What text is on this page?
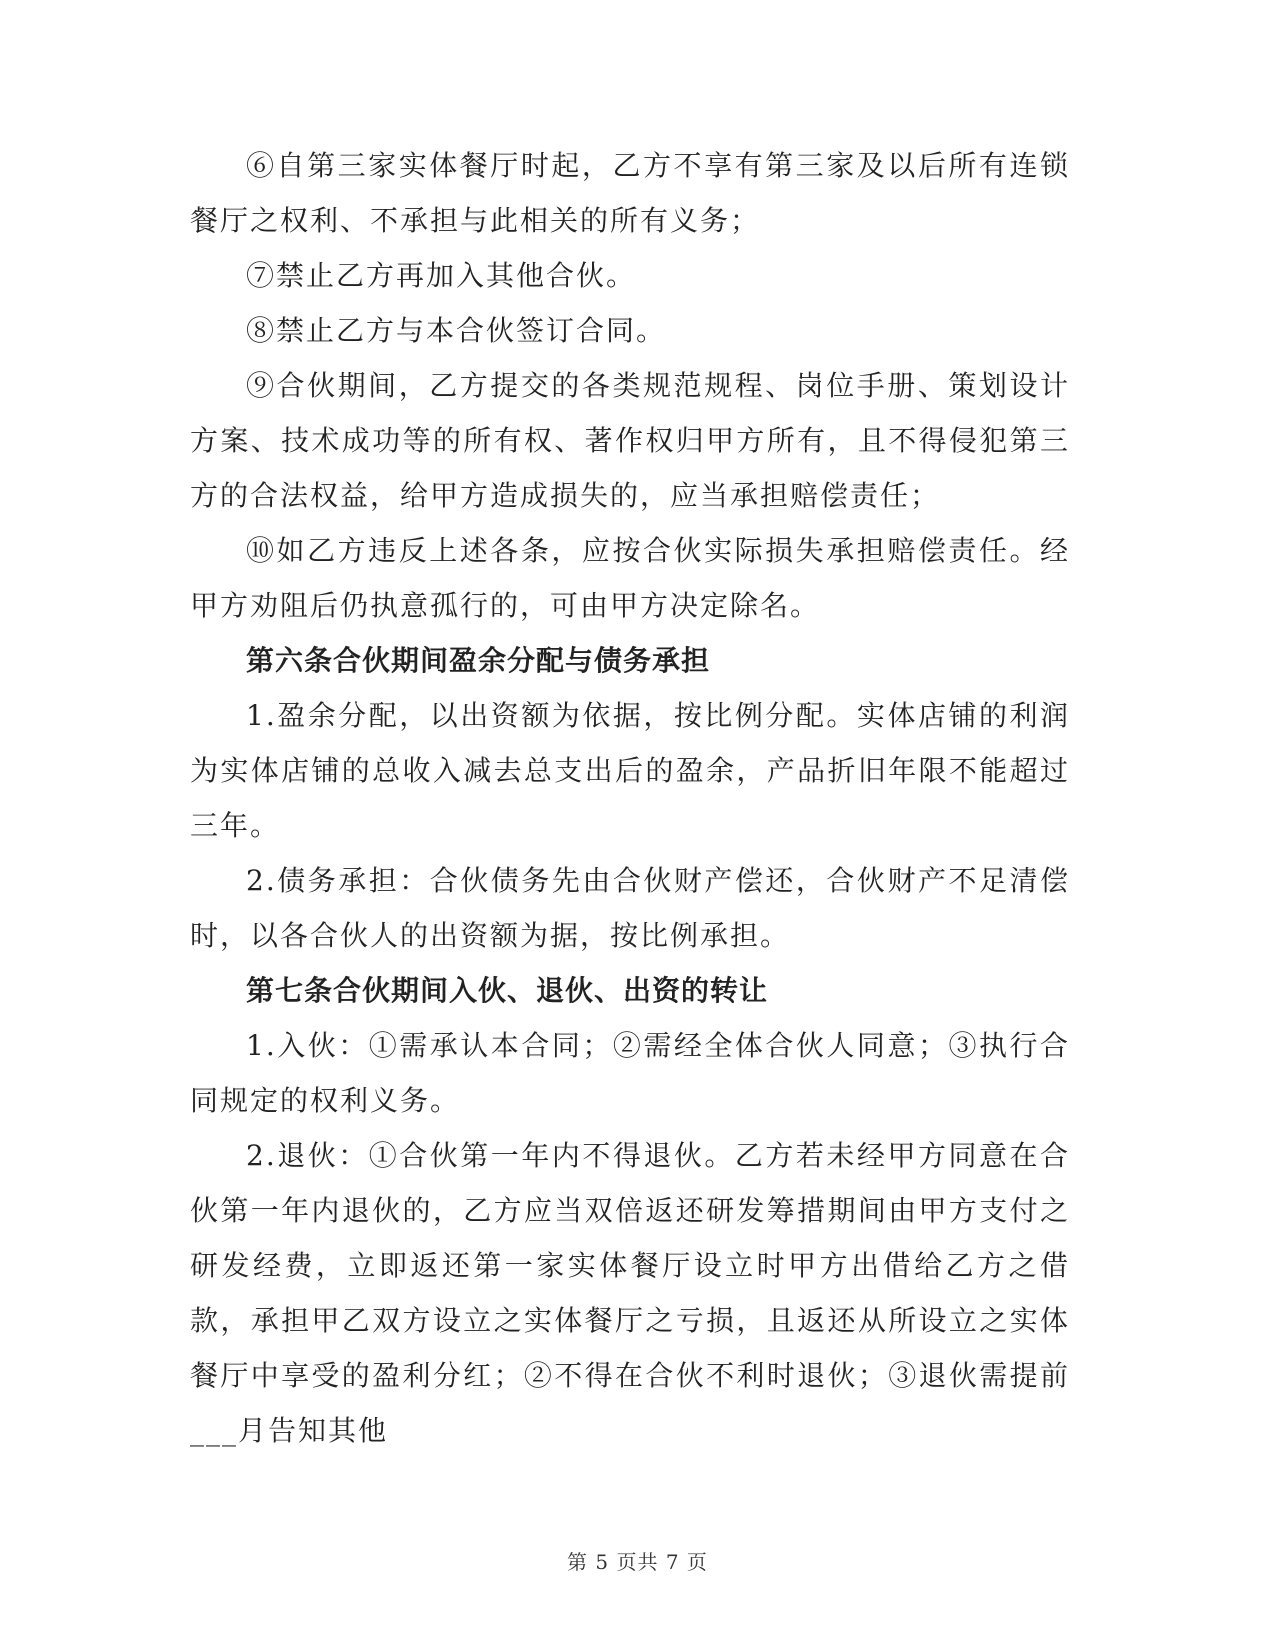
⑥自第三家实体餐厅时起，乙方不享有第三家及以后所有连锁餐厅之权利、不承担与此相关的所有义务；

⑦禁止乙方再加入其他合伙。

⑧禁止乙方与本合伙签订合同。

⑨合伙期间，乙方提交的各类规范规程、岗位手册、策划设计方案、技术成功等的所有权、著作权归甲方所有，且不得侵犯第三方的合法权益，给甲方造成损失的，应当承担赔偿责任；

⑩如乙方违反上述各条，应按合伙实际损失承担赔偿责任。经甲方劝阻后仍执意孤行的，可由甲方决定除名。

第六条合伙期间盈余分配与债务承担

1.盈余分配，以出资额为依据，按比例分配。实体店铺的利润为实体店铺的总收入减去总支出后的盈余，产品折旧年限不能超过三年。

2.债务承担：合伙债务先由合伙财产偿还，合伙财产不足清偿时，以各合伙人的出资额为据，按比例承担。

第七条合伙期间入伙、退伙、出资的转让

1.入伙：①需承认本合同；②需经全体合伙人同意；③执行合同规定的权利义务。

2.退伙：①合伙第一年内不得退伙。乙方若未经甲方同意在合伙第一年内退伙的，乙方应当双倍返还研发筹措期间由甲方支付之研发经费，立即返还第一家实体餐厅设立时甲方出借给乙方之借款，承担甲乙双方设立之实体餐厅之亏损，且返还从所设立之实体餐厅中享受的盈利分红；②不得在合伙不利时退伙；③退伙需提前___月告知其他

第 5 页共 7 页
